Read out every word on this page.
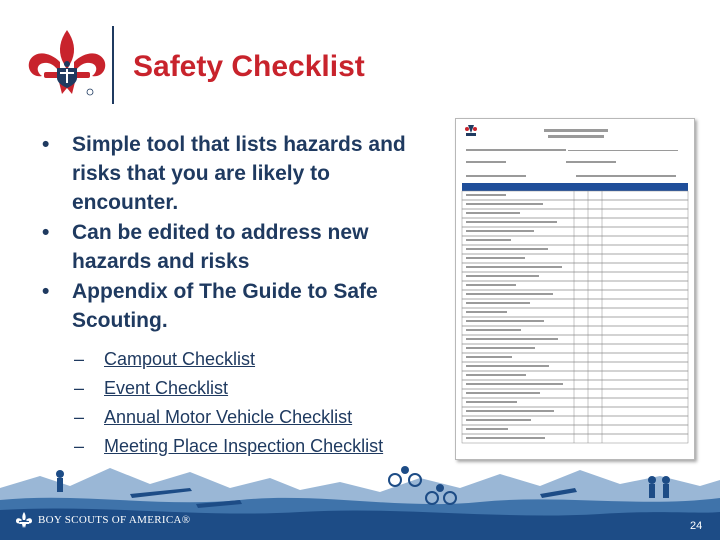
Safety Checklist
• Simple tool that lists hazards and risks that you are likely to encounter.
• Can be edited to address new hazards and risks
• Appendix of The Guide to Safe Scouting.
– Campout Checklist
– Event Checklist
– Annual Motor Vehicle Checklist
– Meeting Place Inspection Checklist
BOY SCOUTS OF AMERICA®	24
